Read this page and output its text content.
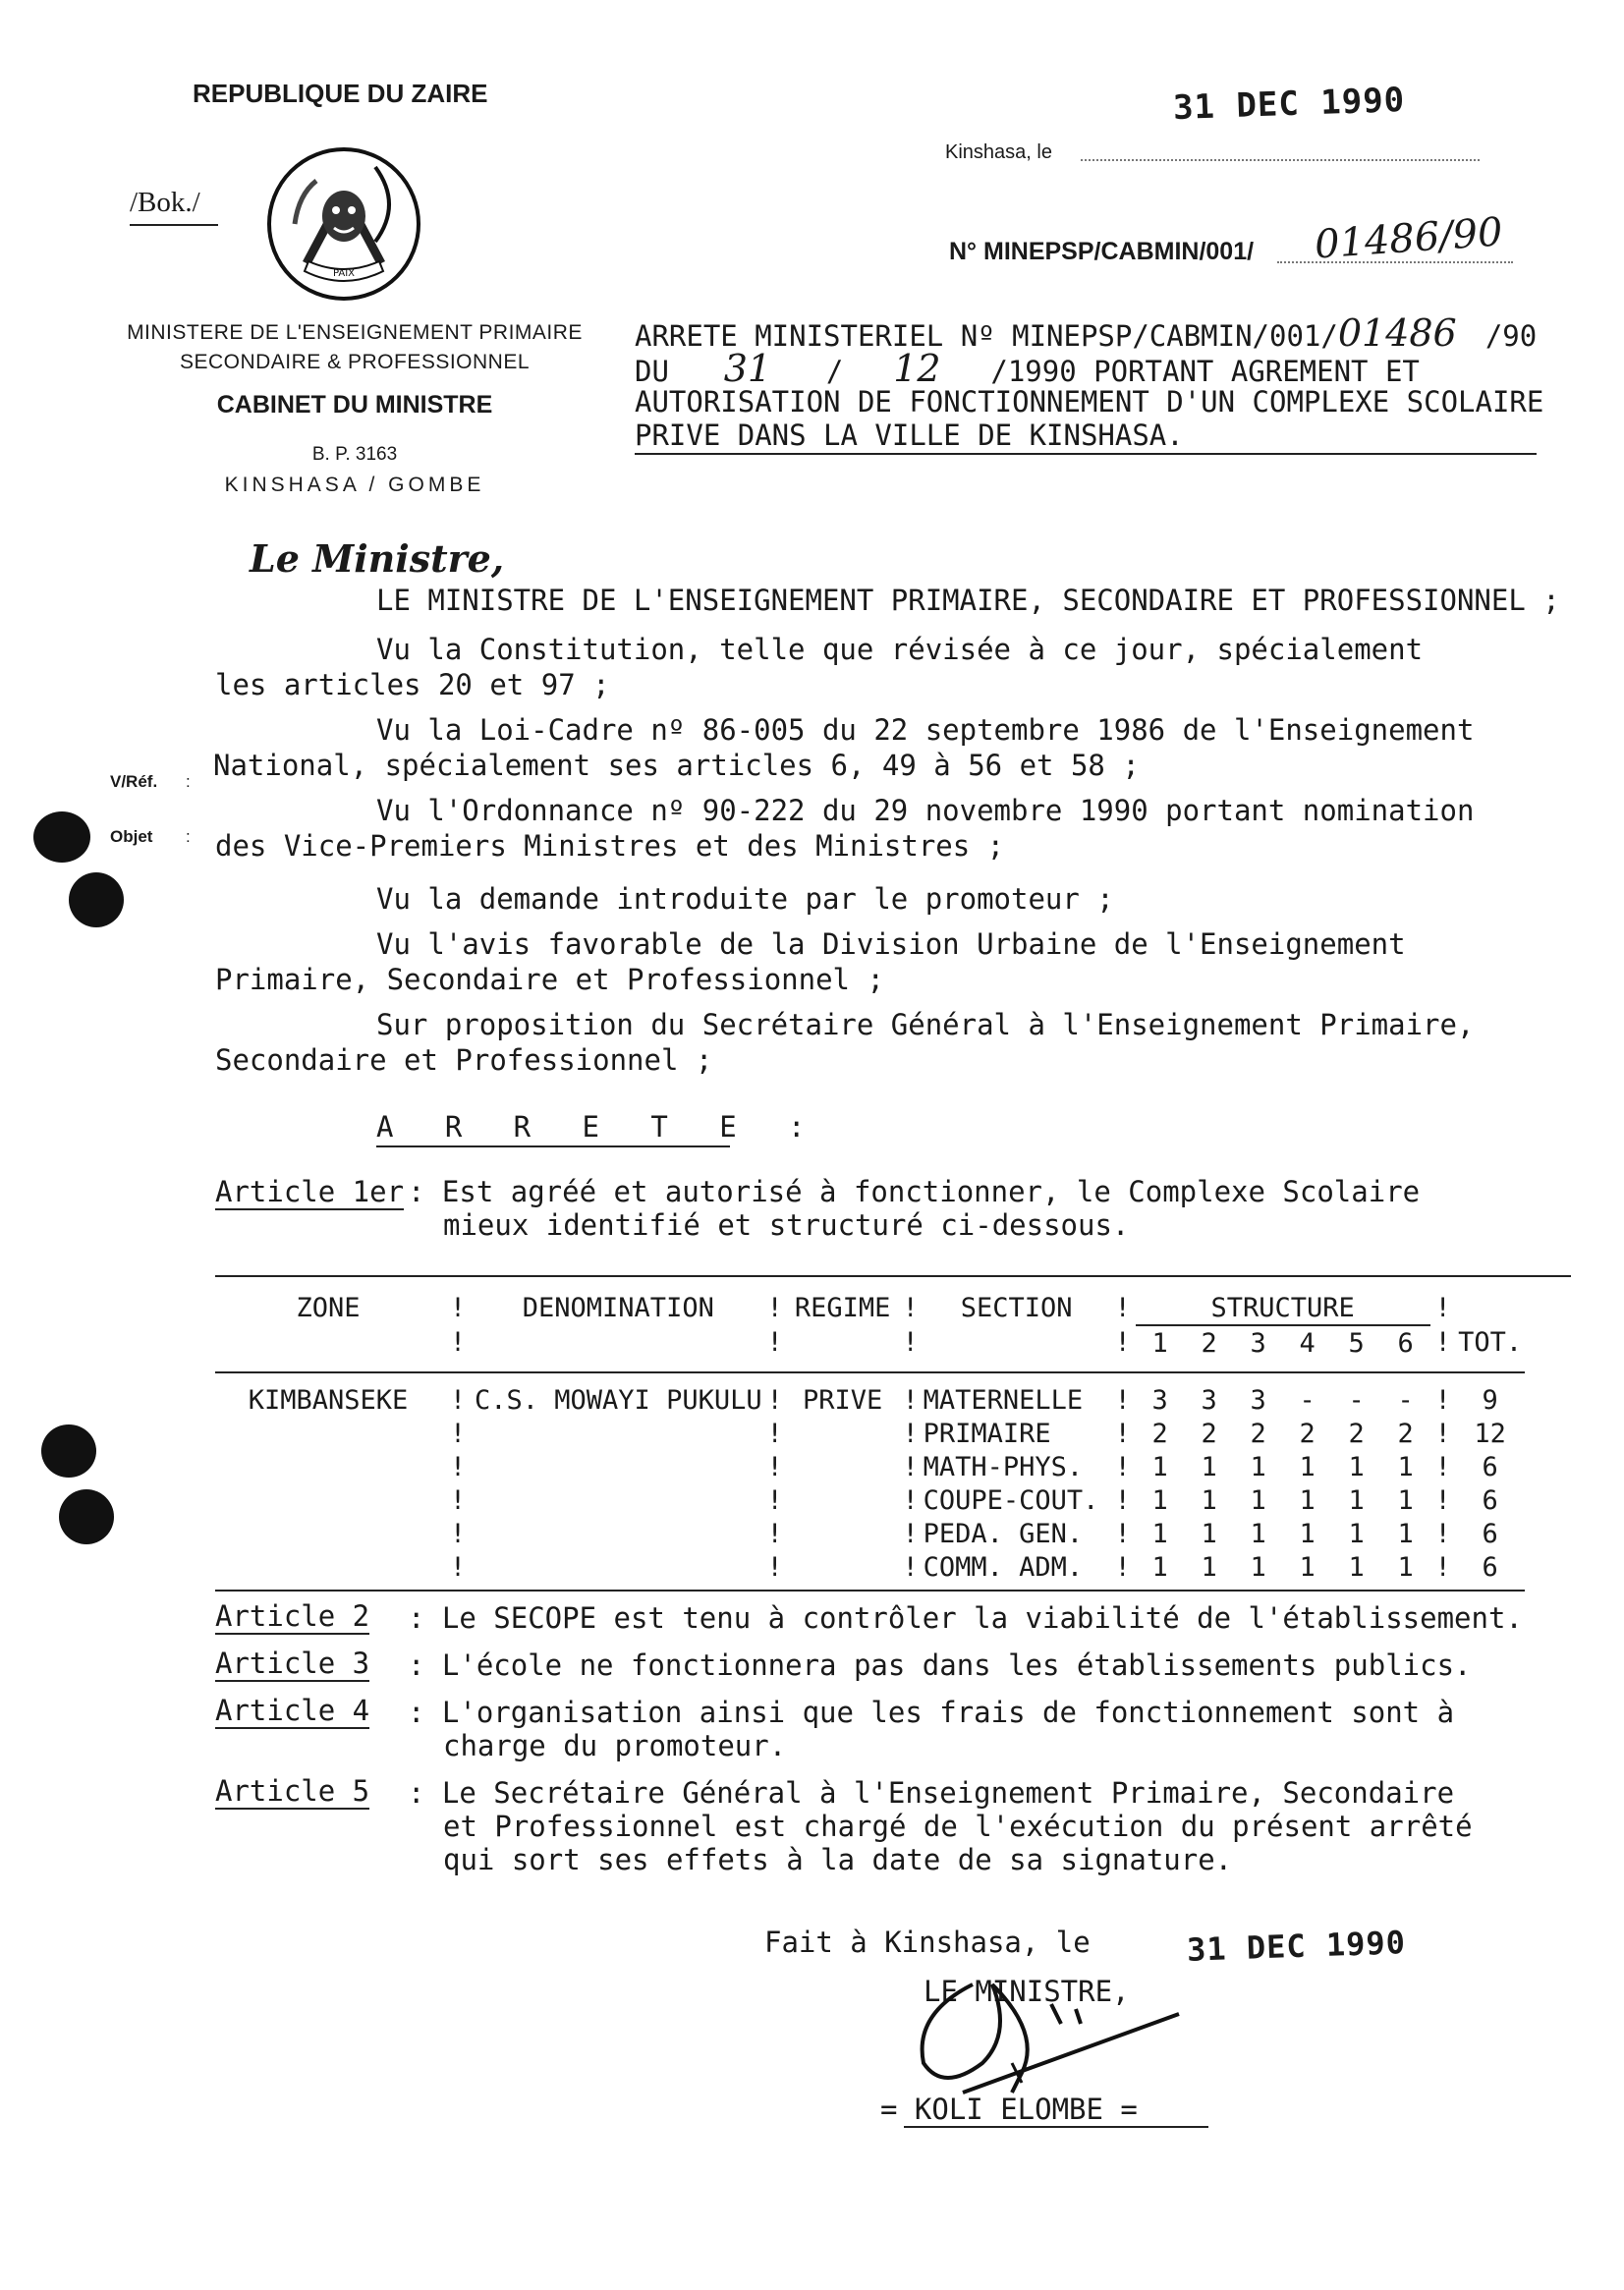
REPUBLIQUE DU ZAIRE
/Bok./
PAIX
MINISTERE DE L'ENSEIGNEMENT PRIMAIRE
SECONDAIRE & PROFESSIONNEL
CABINET DU MINISTRE
B. P. 3163
KINSHASA / GOMBE
31 DEC 1990
Kinshasa, le
N° MINEPSP/CABMIN/001/ 01486/90
V/Réf. :
Objet :
ARRETE MINISTERIEL Nº MINEPSP/CABMIN/001/01486 /90
DU 31 / 12 /1990 PORTANT AGREMENT ET
AUTORISATION DE FONCTIONNEMENT D'UN COMPLEXE SCOLAIRE
PRIVE DANS LA VILLE DE KINSHASA.
Le Ministre,
LE MINISTRE DE L'ENSEIGNEMENT PRIMAIRE, SECONDAIRE ET PROFESSIONNEL ;
Vu la Constitution, telle que révisée à ce jour, spécialement
les articles 20 et 97 ;
Vu la Loi-Cadre nº 86-005 du 22 septembre 1986 de l'Enseignement
National, spécialement ses articles 6, 49 à 56 et 58 ;
Vu l'Ordonnance nº 90-222 du 29 novembre 1990 portant nomination
des Vice-Premiers Ministres et des Ministres ;
Vu la demande introduite par le promoteur ;
Vu l'avis favorable de la Division Urbaine de l'Enseignement
Primaire, Secondaire et Professionnel ;
Sur proposition du Secrétaire Général à l'Enseignement Primaire,
Secondaire et Professionnel ;
A   R   R   E   T   E   :
Article 1er : Est agréé et autorisé à fonctionner, le Complexe Scolaire
mieux identifié et structuré ci-dessous.
ZONE	!	DENOMINATION	!	REGIME	!	SECTION	!	STRUCTURE						!	
	!		!		!		!	1	2	3	4	5	6	!	TOT.

KIMBANSEKE	!	C.S. MOWAYI PUKULU	!	PRIVE	!	MATERNELLE	!	3	3	3	-	-	-	!	9
	!		!		!	PRIMAIRE	!	2	2	2	2	2	2	!	12
	!		!		!	MATH-PHYS.	!	1	1	1	1	1	1	!	6
	!		!		!	COUPE-COUT.	!	1	1	1	1	1	1	!	6
	!		!		!	PEDA. GEN.	!	1	1	1	1	1	1	!	6
	!		!		!	COMM. ADM.	!	1	1	1	1	1	1	!	6

Article 2 : Le SECOPE est tenu à contrôler la viabilité de l'établissement.
Article 3 : L'école ne fonctionnera pas dans les établissements publics.
Article 4 : L'organisation ainsi que les frais de fonctionnement sont à
charge du promoteur.
Article 5 : Le Secrétaire Général à l'Enseignement Primaire, Secondaire
et Professionnel est chargé de l'exécution du présent arrêté
qui sort ses effets à la date de sa signature.
Fait à Kinshasa, le	31 DEC 1990
LE MINISTRE,
= KOLI ELOMBE =
